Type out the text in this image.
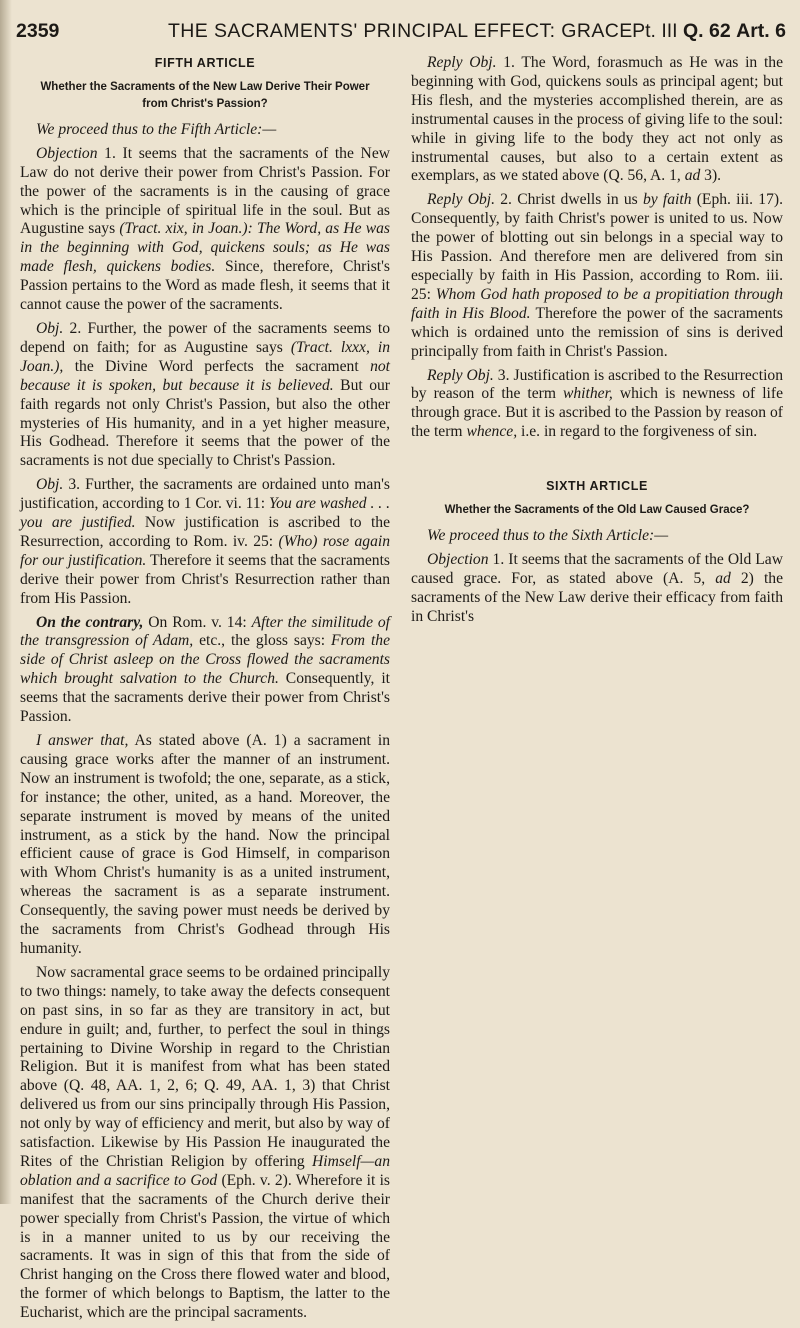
2359	THE SACRAMENTS' PRINCIPAL EFFECT: GRACE Pt. III Q. 62 Art. 6
FIFTH ARTICLE
Whether the Sacraments of the New Law Derive Their Power from Christ's Passion?

We proceed thus to the Fifth Article:—

Objection 1. It seems that the sacraments of the New Law do not derive their power from Christ's Passion. For the power of the sacraments is in the causing of grace which is the principle of spiritual life in the soul. But as Augustine says (Tract. xix, in Joan.): The Word, as He was in the beginning with God, quickens souls; as He was made flesh, quickens bodies. Since, therefore, Christ's Passion pertains to the Word as made flesh, it seems that it cannot cause the power of the sacraments.

Obj. 2. Further, the power of the sacraments seems to depend on faith; for as Augustine says (Tract. lxxx, in Joan.), the Divine Word perfects the sacrament not because it is spoken, but because it is believed. But our faith regards not only Christ's Passion, but also the other mysteries of His humanity, and in a yet higher measure, His Godhead. Therefore it seems that the power of the sacraments is not due specially to Christ's Passion.

Obj. 3. Further, the sacraments are ordained unto man's justification, according to 1 Cor. vi. 11: You are washed . . . you are justified. Now justification is ascribed to the Resurrection, according to Rom. iv. 25: (Who) rose again for our justification. Therefore it seems that the sacraments derive their power from Christ's Resurrection rather than from His Passion.

On the contrary, On Rom. v. 14: After the similitude of the transgression of Adam, etc., the gloss says: From the side of Christ asleep on the Cross flowed the sacraments which brought salvation to the Church. Consequently, it seems that the sacraments derive their power from Christ's Passion.

I answer that, As stated above (A. 1) a sacrament in causing grace works after the manner of an instrument. Now an instrument is twofold; the one, separate, as a stick, for instance; the other, united, as a hand. Moreover, the separate instrument is moved by means of the united instrument, as a stick by the hand. Now the principal efficient cause of grace is God Himself, in comparison with Whom Christ's humanity is as a united instrument, whereas the sacrament is as a separate instrument. Consequently, the saving power must needs be derived by the sacraments from Christ's Godhead through His humanity.

Now sacramental grace seems to be ordained principally to two things: namely, to take away the defects consequent on past sins, in so far as they are transitory in act, but endure in guilt; and, further, to perfect the soul in things pertaining to Divine Worship in regard to the Christian Religion. But it is manifest from what has been stated above (Q. 48, AA. 1, 2, 6; Q. 49, AA. 1, 3) that Christ delivered us from our sins principally through His Passion, not only by way of efficiency and merit, but also by way of satisfaction. Likewise by His Passion He inaugurated the Rites of the Christian Religion by offering Himself—an oblation and a sacrifice to God (Eph. v. 2). Wherefore it is manifest that the sacraments of the Church derive their power specially from Christ's Passion, the virtue of which is in a manner united to us by our receiving the sacraments. It was in sign of this that from the side of Christ hanging on the Cross there flowed water and blood, the former of which belongs to Baptism, the latter to the Eucharist, which are the principal sacraments.

Reply Obj. 1. The Word, forasmuch as He was in the beginning with God, quickens souls as principal agent; but His flesh, and the mysteries accomplished therein, are as instrumental causes in the process of giving life to the soul: while in giving life to the body they act not only as instrumental causes, but also to a certain extent as exemplars, as we stated above (Q. 56, A. 1, ad 3).

Reply Obj. 2. Christ dwells in us by faith (Eph. iii. 17). Consequently, by faith Christ's power is united to us. Now the power of blotting out sin belongs in a special way to His Passion. And therefore men are delivered from sin especially by faith in His Passion, according to Rom. iii. 25: Whom God hath proposed to be a propitiation through faith in His Blood. Therefore the power of the sacraments which is ordained unto the remission of sins is derived principally from faith in Christ's Passion.

Reply Obj. 3. Justification is ascribed to the Resurrection by reason of the term whither, which is newness of life through grace. But it is ascribed to the Passion by reason of the term whence, i.e. in regard to the forgiveness of sin.

SIXTH ARTICLE
Whether the Sacraments of the Old Law Caused Grace?

We proceed thus to the Sixth Article:—

Objection 1. It seems that the sacraments of the Old Law caused grace. For, as stated above (A. 5, ad 2) the sacraments of the New Law derive their efficacy from faith in Christ's
